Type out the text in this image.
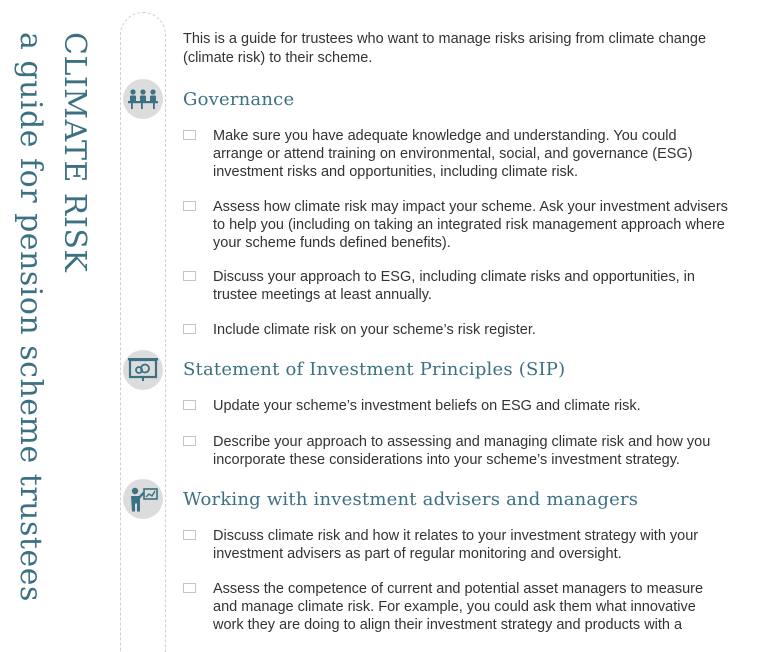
CLIMATE RISK
a guide for pension scheme trustees	This is a guide for trustees who want to manage risks arising from climate change (climate risk) to their scheme.
Governance
Make sure you have adequate knowledge and understanding. You could arrange or attend training on environmental, social, and governance (ESG) investment risks and opportunities, including climate risk.
Assess how climate risk may impact your scheme. Ask your investment advisers to help you (including on taking an integrated risk management approach where your scheme funds defined benefits).
Discuss your approach to ESG, including climate risks and opportunities, in trustee meetings at least annually.
Include climate risk on your scheme’s risk register.
Statement of Investment Principles (SIP)
Update your scheme’s investment beliefs on ESG and climate risk.
Describe your approach to assessing and managing climate risk and how you incorporate these considerations into your scheme’s investment strategy.
Working with investment advisers and managers
Discuss climate risk and how it relates to your investment strategy with your investment advisers as part of regular monitoring and oversight.
Assess the competence of current and potential asset managers to measure and manage climate risk. For example, you could ask them what innovative work they are doing to align their investment strategy and products with a
